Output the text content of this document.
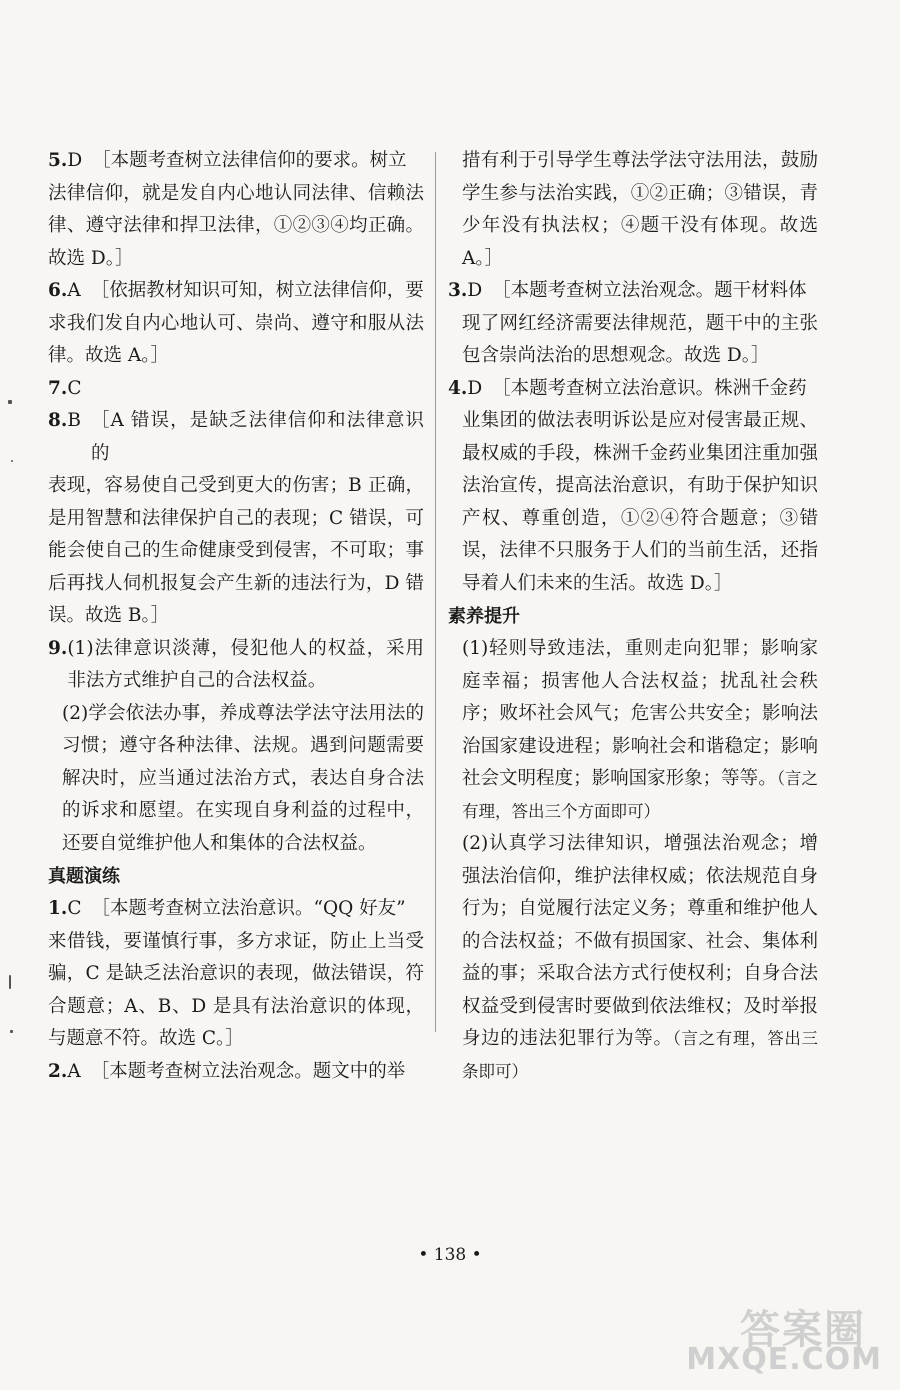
5. D ［本题考查树立法律信仰的要求。树立
法律信仰，就是发自内心地认同法律、信赖法律、遵守法律和捍卫法律，①②③④均正确。故选 D。］
6. A ［依据教材知识可知，树立法律信仰，要
求我们发自内心地认可、崇尚、遵守和服从法律。故选 A。］
7. C
8. B ［A 错误，是缺乏法律信仰和法律意识的
表现，容易使自己受到更大的伤害；B 正确，是用智慧和法律保护自己的表现；C 错误，可能会使自己的生命健康受到侵害，不可取；事后再找人伺机报复会产生新的违法行为，D 错误。故选 B。］
9. (1)法律意识淡薄，侵犯他人的权益，采用非法方式维护自己的合法权益。
(2)学会依法办事，养成尊法学法守法用法的习惯；遵守各种法律、法规。遇到问题需要解决时，应当通过法治方式，表达自身合法的诉求和愿望。在实现自身利益的过程中，还要自觉维护他人和集体的合法权益。
真题演练
1. C ［本题考查树立法治意识。“QQ 好友”
来借钱，要谨慎行事，多方求证，防止上当受骗，C 是缺乏法治意识的表现，做法错误，符合题意；A、B、D 是具有法治意识的体现，与题意不符。故选 C。］
2. A ［本题考查树立法治观念。题文中的举
措有利于引导学生尊法学法守法用法，鼓励学生参与法治实践，①②正确；③错误，青少年没有执法权；④题干没有体现。故选 A。］
3. D ［本题考查树立法治观念。题干材料体
现了网红经济需要法律规范，题干中的主张包含崇尚法治的思想观念。故选 D。］
4. D ［本题考查树立法治意识。株洲千金药
业集团的做法表明诉讼是应对侵害最正规、最权威的手段，株洲千金药业集团注重加强法治宣传，提高法治意识，有助于保护知识产权、尊重创造，①②④符合题意；③错误，法律不只服务于人们的当前生活，还指导着人们未来的生活。故选 D。］
素养提升
(1)轻则导致违法，重则走向犯罪；影响家庭幸福；损害他人合法权益；扰乱社会秩序；败坏社会风气；危害公共安全；影响法治国家建设进程；影响社会和谐稳定；影响社会文明程度；影响国家形象；等等。（言之有理，答出三个方面即可）
(2)认真学习法律知识，增强法治观念；增强法治信仰，维护法律权威；依法规范自身行为；自觉履行法定义务；尊重和维护他人的合法权益；不做有损国家、社会、集体利益的事；采取合法方式行使权利；自身合法权益受到侵害时要做到依法维权；及时举报身边的违法犯罪行为等。（言之有理，答出三条即可）
• 138 •
答案圈
MXQE.COM
